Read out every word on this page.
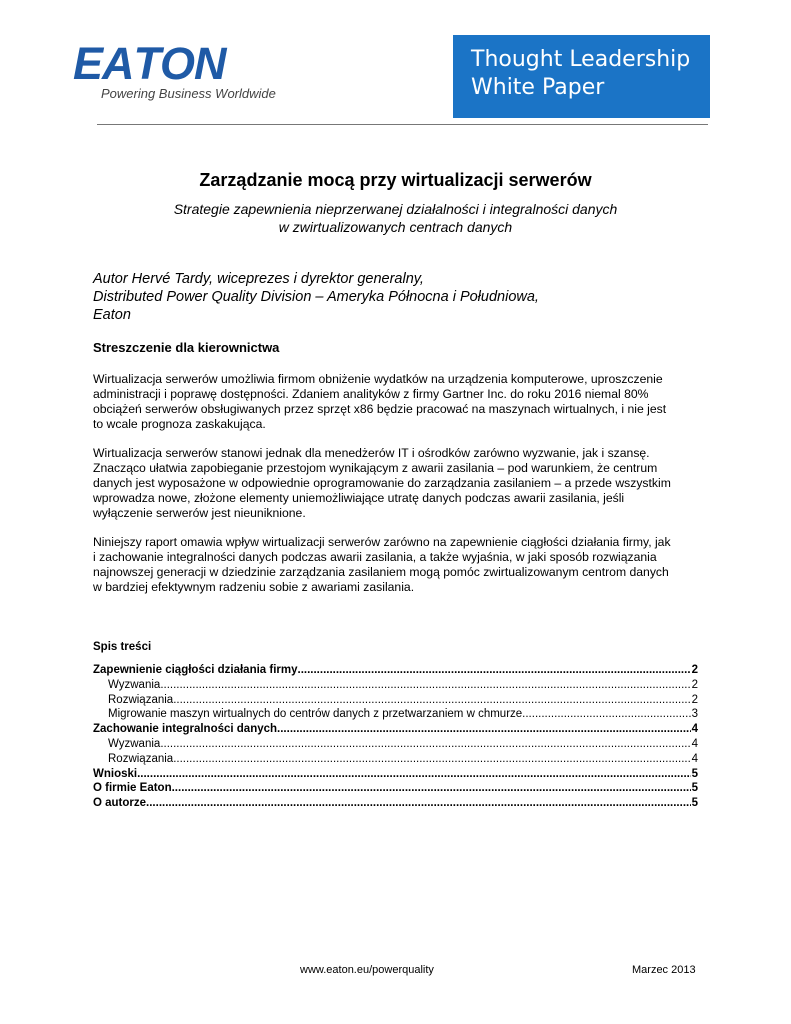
E A T O N
Powering Business Worldwide
Thought Leadership
White Paper
Zarządzanie mocą przy wirtualizacji serwerów
Strategie zapewnienia nieprzerwanej działalności i integralności danych
w zwirtualizowanych centrach danych
Autor Hervé Tardy, wiceprezes i dyrektor generalny,
Distributed Power Quality Division – Ameryka Północna i Południowa,
Eaton
Streszczenie dla kierownictwa
Wirtualizacja serwerów umożliwia firmom obniżenie wydatków na urządzenia komputerowe, uproszczenie
administracji i poprawę dostępności. Zdaniem analityków z firmy Gartner Inc. do roku 2016 niemal 80%
obciążeń serwerów obsługiwanych przez sprzęt x86 będzie pracować na maszynach wirtualnych, i nie jest
to wcale prognoza zaskakująca.
Wirtualizacja serwerów stanowi jednak dla menedżerów IT i ośrodków zarówno wyzwanie, jak i szansę.
Znacząco ułatwia zapobieganie przestojom wynikającym z awarii zasilania – pod warunkiem, że centrum
danych jest wyposażone w odpowiednie oprogramowanie do zarządzania zasilaniem – a przede wszystkim
wprowadza nowe, złożone elementy uniemożliwiające utratę danych podczas awarii zasilania, jeśli
wyłączenie serwerów jest nieuniknione.
Niniejszy raport omawia wpływ wirtualizacji serwerów zarówno na zapewnienie ciągłości działania firmy, jak
i zachowanie integralności danych podczas awarii zasilania, a także wyjaśnia, w jaki sposób rozwiązania
najnowszej generacji w dziedzinie zarządzania zasilaniem mogą pomóc zwirtualizowanym centrom danych
w bardziej efektywnym radzeniu sobie z awariami zasilania.
Spis treści
Zapewnienie ciągłości działania firmy .....	2
Wyzwania .....	2
Rozwiązania .....	2
Migrowanie maszyn wirtualnych do centrów danych z przetwarzaniem w chmurze .....	3
Zachowanie integralności danych .....	4
Wyzwania .....	4
Rozwiązania .....	4
Wnioski .....	5
O firmie Eaton .....	5
O autorze .....	5
www.eaton.eu/powerquality	Marzec 2013
